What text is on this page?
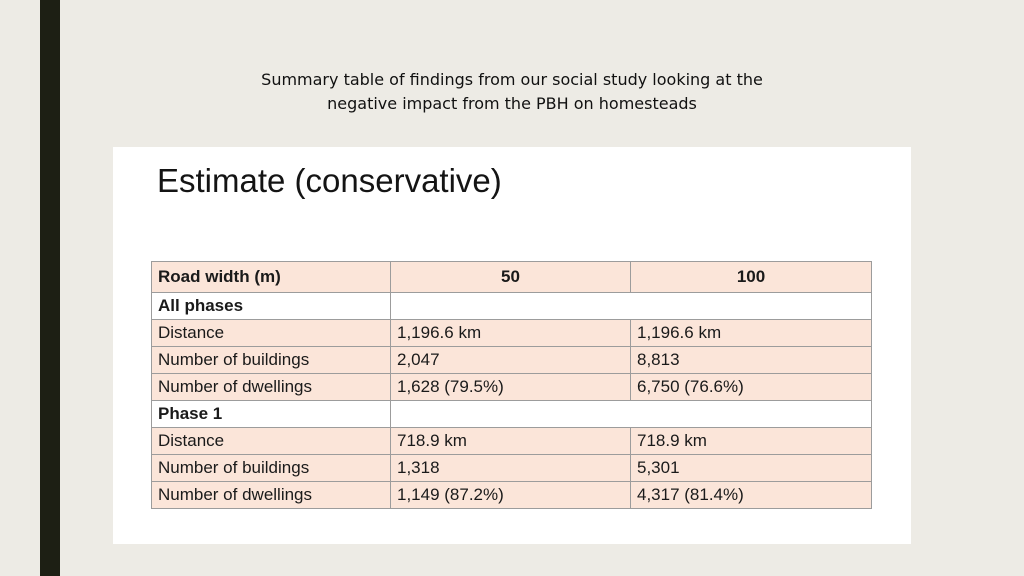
Summary table of findings from our social study looking at the
negative impact from the PBH on homesteads
Estimate (conservative)
Road width (m)	50	100
All phases		
Distance	1,196.6 km	1,196.6 km
Number of buildings	2,047	8,813
Number of dwellings	1,628 (79.5%)	6,750 (76.6%)
Phase 1		
Distance	718.9 km	718.9 km
Number of buildings	1,318	5,301
Number of dwellings	1,149 (87.2%)	4,317 (81.4%)
